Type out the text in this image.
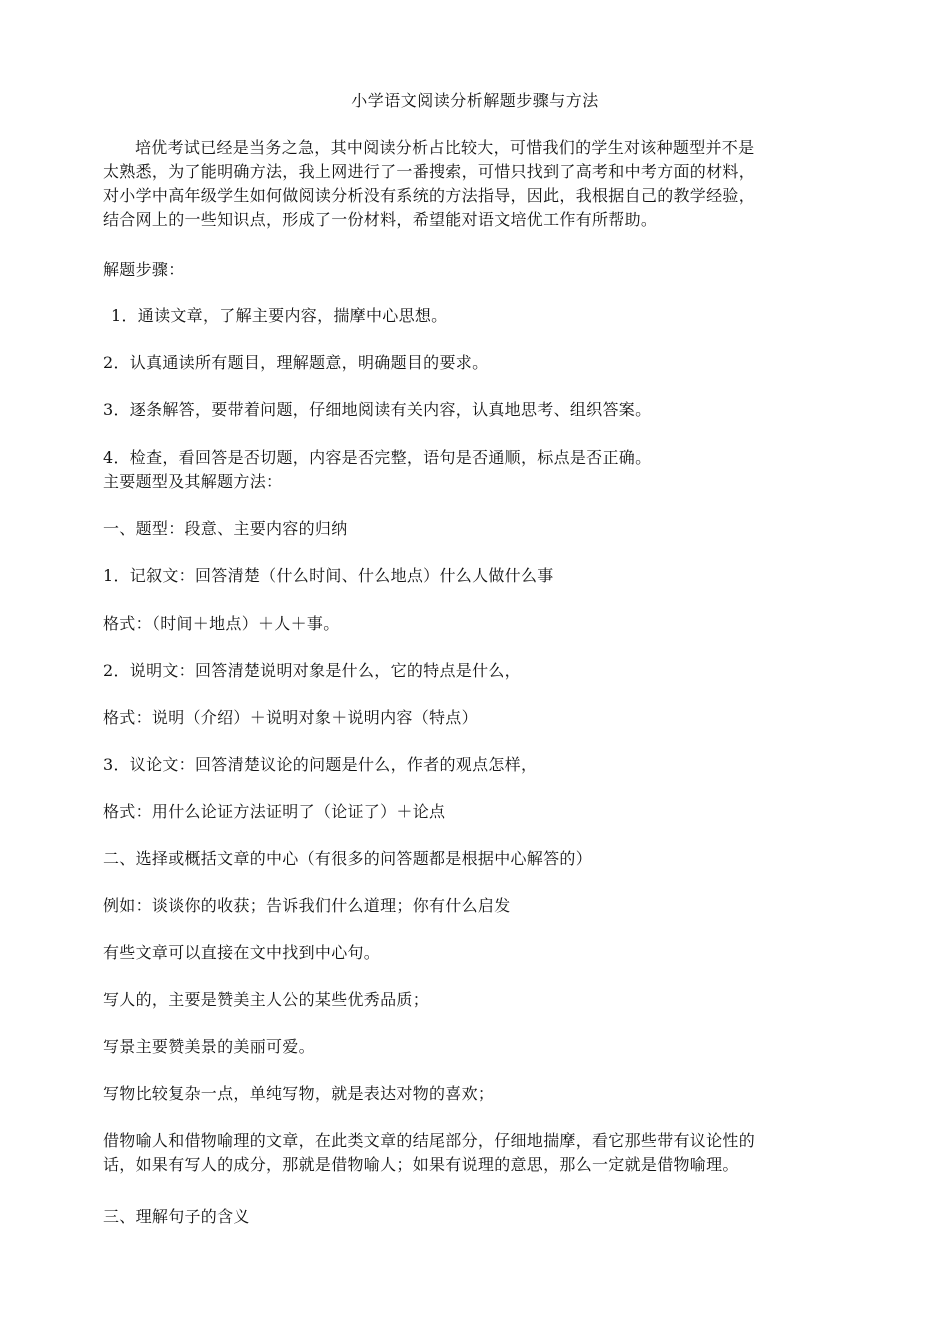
小学语文阅读分析解题步骤与方法
培优考试已经是当务之急，其中阅读分析占比较大，可惜我们的学生对该种题型并不是
太熟悉，为了能明确方法，我上网进行了一番搜索，可惜只找到了高考和中考方面的材料，
对小学中高年级学生如何做阅读分析没有系统的方法指导，因此，我根据自己的教学经验，
结合网上的一些知识点，形成了一份材料，希望能对语文培优工作有所帮助。
解题步骤：
1．通读文章，了解主要内容，揣摩中心思想。
2．认真通读所有题目，理解题意，明确题目的要求。
3．逐条解答，要带着问题，仔细地阅读有关内容，认真地思考、组织答案。
4．检查，看回答是否切题，内容是否完整，语句是否通顺，标点是否正确。
主要题型及其解题方法：
一、题型：段意、主要内容的归纳
1．记叙文：回答清楚（什么时间、什么地点）什么人做什么事
格式：（时间＋地点）＋人＋事。
2．说明文：回答清楚说明对象是什么，它的特点是什么，
格式：说明（介绍）＋说明对象＋说明内容（特点）
3．议论文：回答清楚议论的问题是什么，作者的观点怎样，
格式：用什么论证方法证明了（论证了）＋论点
二、选择或概括文章的中心（有很多的问答题都是根据中心解答的）
例如：谈谈你的收获；告诉我们什么道理；你有什么启发
有些文章可以直接在文中找到中心句。
写人的，主要是赞美主人公的某些优秀品质；
写景主要赞美景的美丽可爱。
写物比较复杂一点，单纯写物，就是表达对物的喜欢；
借物喻人和借物喻理的文章，在此类文章的结尾部分，仔细地揣摩，看它那些带有议论性的
话，如果有写人的成分，那就是借物喻人；如果有说理的意思，那么一定就是借物喻理。
三、理解句子的含义
